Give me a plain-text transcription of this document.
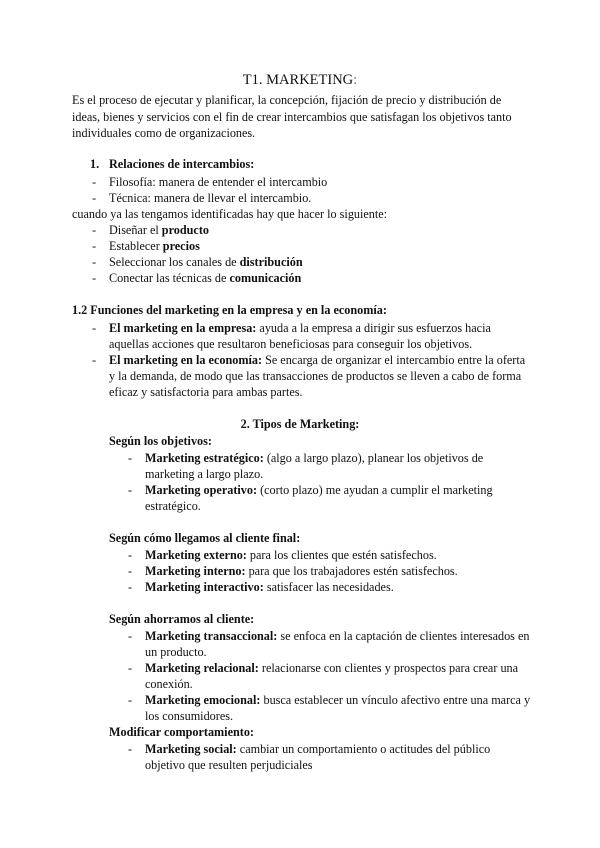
T1. MARKETING:
Es el proceso de ejecutar y planificar, la concepción, fijación de precio y distribución de
ideas, bienes y servicios con el fin de crear intercambios que satisfagan los objetivos tanto
individuales como de organizaciones.
1. Relaciones de intercambios:
- Filosofía: manera de entender el intercambio
- Técnica: manera de llevar el intercambio.
cuando ya las tengamos identificadas hay que hacer lo siguiente:
- Diseñar el producto
- Establecer precios
- Seleccionar los canales de distribución
- Conectar las técnicas de comunicación
1.2 Funciones del marketing en la empresa y en la economía:
- El marketing en la empresa: ayuda a la empresa a dirigir sus esfuerzos hacia
aquellas acciones que resultaron beneficiosas para conseguir los objetivos.
- El marketing en la economía: Se encarga de organizar el intercambio entre la oferta
y la demanda, de modo que las transacciones de productos se lleven a cabo de forma
eficaz y satisfactoria para ambas partes.
2. Tipos de Marketing:
Según los objetivos:
- Marketing estratégico: (algo a largo plazo), planear los objetivos de
marketing a largo plazo.
- Marketing operativo: (corto plazo) me ayudan a cumplir el marketing
estratégico.
Según cómo llegamos al cliente final:
- Marketing externo: para los clientes que estén satisfechos.
- Marketing interno: para que los trabajadores estén satisfechos.
- Marketing interactivo: satisfacer las necesidades.
Según ahorramos al cliente:
- Marketing transaccional: se enfoca en la captación de clientes interesados en
un producto.
- Marketing relacional: relacionarse con clientes y prospectos para crear una
conexión.
- Marketing emocional: busca establecer un vínculo afectivo entre una marca y
los consumidores.
Modificar comportamiento:
- Marketing social: cambiar un comportamiento o actitudes del público
objetivo que resulten perjudiciales
